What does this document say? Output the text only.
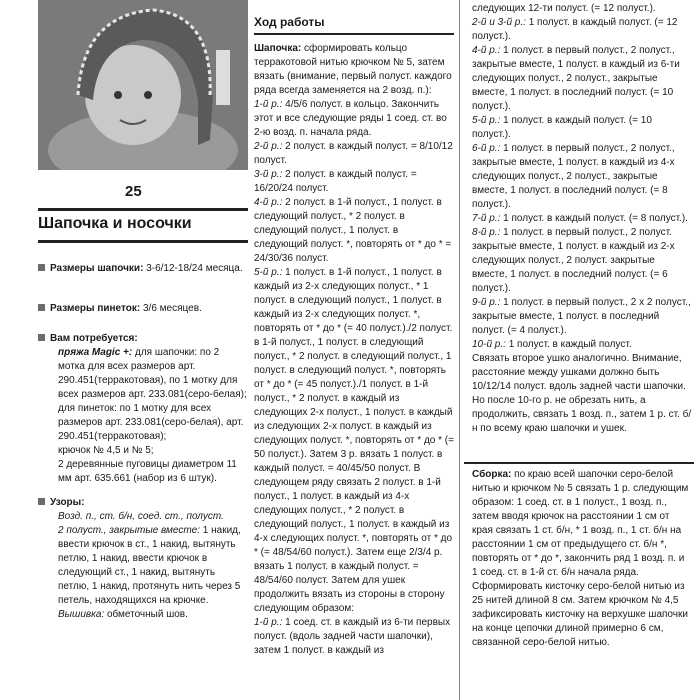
25
Шапочка и носочки

Размеры шапочки: 3-6/12-18/24 месяца.

Размеры пинеток: 3/6 месяцев.

Вам потребуется:

пряжа Magic +: для шапочки: по 2 мотка для всех размеров арт. 290.451(терракотовая), по 1 мотку для всех размеров арт. 233.081(серо-белая);

для пинеток: по 1 мотку для всех размеров арт. 233.081(серо-белая), арт. 290.451(терракотовая);

крючок № 4,5 и № 5;

2 деревянные пуговицы диаметром 11 мм арт. 635.661 (набор из 6 штук).

Узоры:

Возд. п., ст. б/н, соед. ст., полуст.

2 полуст., закрытые вместе: 1 накид, ввести крючок в ст., 1 накид, вытянуть петлю, 1 накид, ввести крючок в следующий ст., 1 накид, вытянуть петлю, 1 накид, протянуть нить через 5 петель, находящихся на крючке.

Вышивка: обметочный шов.

Ход работы

Шапочка: сформировать кольцо терракотовой нитью крючком № 5, затем вязать (внимание, первый полуст. каждого ряда всегда заменяется на 2 возд. п.):

1-й р.: 4/5/6 полуст. в кольцо. Закончить этот и все следующие ряды 1 соед. ст. во 2-ю возд. п. начала ряда.

2-й р.: 2 полуст. в каждый полуст. = 8/10/12 полуст.

3-й р.: 2 полуст. в каждый полуст. = 16/20/24 полуст.

4-й р.: 2 полуст. в 1-й полуст., 1 полуст. в следующий полуст., * 2 полуст. в следующий полуст., 1 полуст. в следующий полуст. *, повторять от * до * = 24/30/36 полуст.

5-й р.: 1 полуст. в 1-й полуст., 1 полуст. в каждый из 2-х следующих полуст., * 1 полуст. в следующий полуст., 1 полуст. в каждый из 2-х следующих полуст. *, повторять от * до * (= 40 полуст.)./2 полуст. в 1-й полуст., 1 полуст. в следующий полуст., * 2 полуст. в следующий полуст., 1 полуст. в следующий полуст. *, повторять от * до * (= 45 полуст.)./1 полуст. в 1-й полуст., * 2 полуст. в каждый из следующих 2-х полуст., 1 полуст. в каждый из следующих 2-х полуст. в каждый из следующих полуст. *, повторять от * до * (= 50 полуст.). Затем 3 р. вязать 1 полуст. в каждый полуст. = 40/45/50 полуст. В следующем ряду связать 2 полуст. в 1-й полуст., 1 полуст. в каждый из 4-х следующих полуст., * 2 полуст. в следующий полуст., 1 полуст. в каждый из 4-х следующих полуст. *, повторять от * до * (= 48/54/60 полуст.). Затем еще 2/3/4 р. вязать 1 полуст. в каждый полуст. = 48/54/60 полуст. Затем для ушек продолжить вязать из стороны в сторону следующим образом:

1-й р.: 1 соед. ст. в каждый из 6-ти первых полуст. (вдоль задней части шапочки), затем 1 полуст. в каждый из

следующих 12-ти полуст. (= 12 полуст.).

2-й и 3-й р.: 1 полуст. в каждый полуст. (= 12 полуст.).

4-й р.: 1 полуст. в первый полуст., 2 полуст., закрытые вместе, 1 полуст. в каждый из 6-ти следующих полуст., 2 полуст., закрытые вместе, 1 полуст. в последний полуст. (= 10 полуст.).

5-й р.: 1 полуст. в каждый полуст. (= 10 полуст.).

6-й р.: 1 полуст. в первый полуст., 2 полуст., закрытые вместе, 1 полуст. в каждый из 4-х следующих полуст., 2 полуст., закрытые вместе, 1 полуст. в последний полуст. (= 8 полуст.).

7-й р.: 1 полуст. в каждый полуст. (= 8 полуст.).

8-й р.: 1 полуст. в первый полуст., 2 полуст. закрытые вместе, 1 полуст. в каждый из 2-х следующих полуст., 2 полуст. закрытые вместе, 1 полуст. в последний полуст. (= 6 полуст.).

9-й р.: 1 полуст. в первый полуст., 2 х 2 полуст., закрытые вместе, 1 полуст. в последний полуст. (= 4 полуст.).

10-й р.: 1 полуст. в каждый полуст.

Связать второе ушко аналогично. Внимание, расстояние между ушками должно быть 10/12/14 полуст. вдоль задней части шапочки. Но после 10-го р. не обрезать нить, а продолжить, связать 1 возд. п., затем 1 р. ст. б/н по всему краю шапочки и ушек.

Сборка: по краю всей шапочки серо-белой нитью и крючком № 5 связать 1 р. следующим образом: 1 соед. ст. в 1 полуст., 1 возд. п., затем вводя крючок на расстоянии 1 см от края связать 1 ст. б/н, * 1 возд. п., 1 ст. б/н на расстоянии 1 см от предыдущего ст. б/н *, повторять от * до *, закончить ряд 1 возд. п. и 1 соед. ст. в 1-й ст. б/н начала ряда. Сформировать кисточку серо-белой нитью из 25 нитей длиной 8 см. Затем крючком № 4,5 зафиксировать кисточку на верхушке шапочки на конце цепочки длиной примерно 6 см, связанной серо-белой нитью.
